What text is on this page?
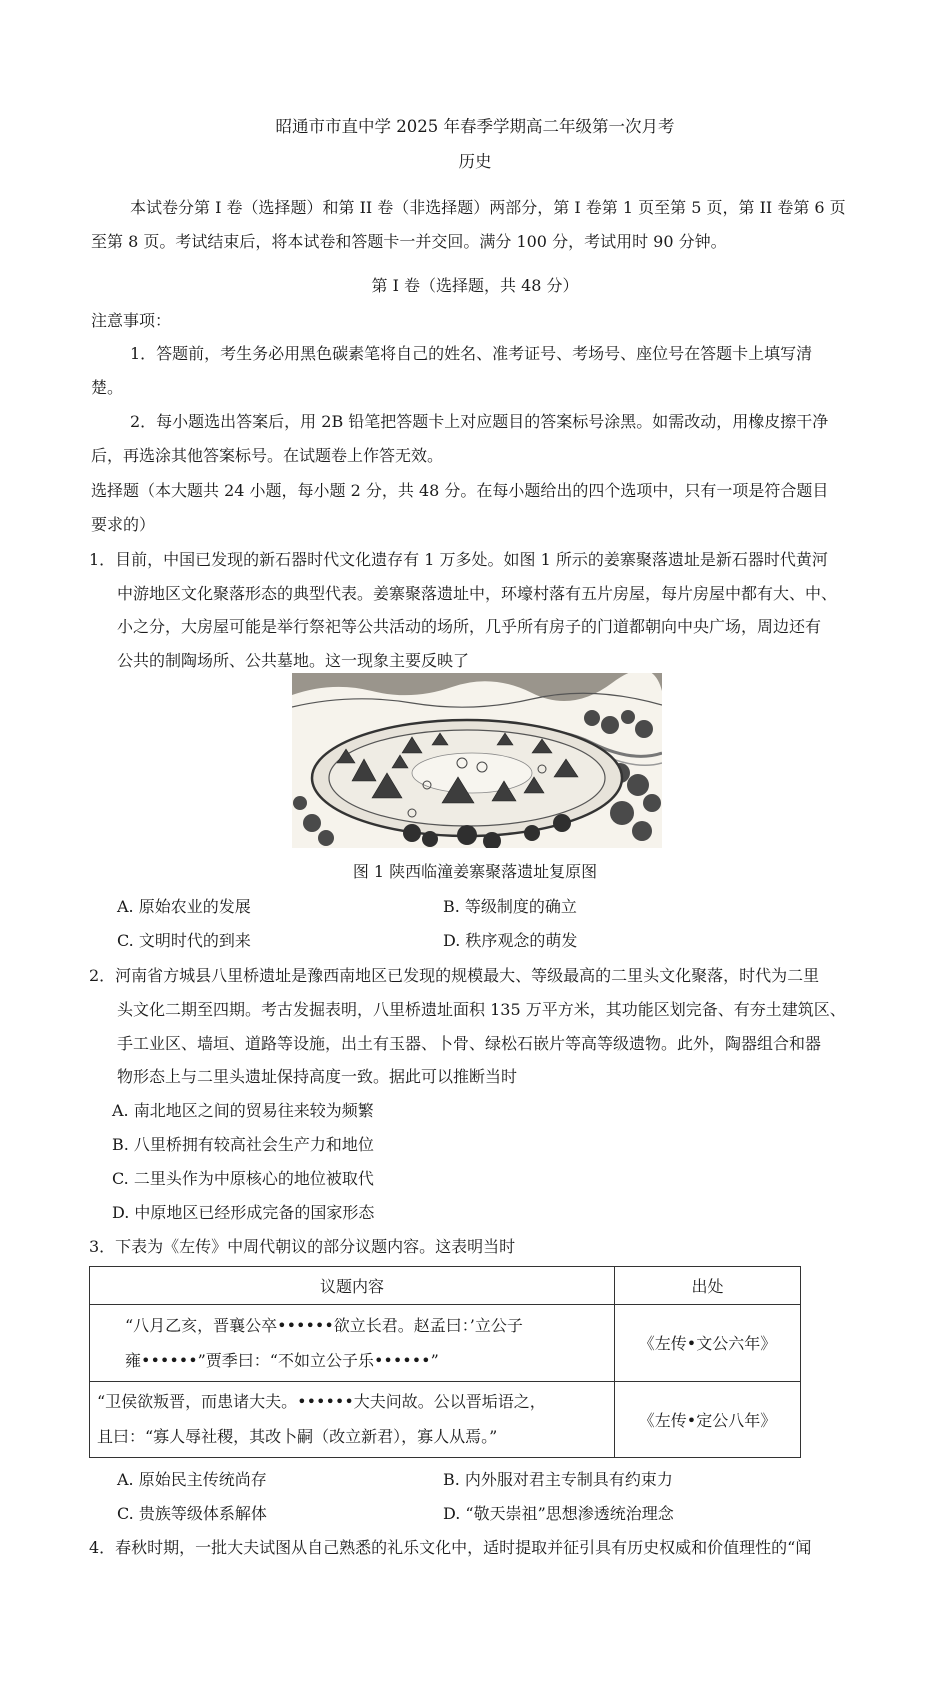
昭通市市直中学 2025 年春季学期高二年级第一次月考
历史
本试卷分第 I 卷（选择题）和第 II 卷（非选择题）两部分，第 I 卷第 1 页至第 5 页，第 II 卷第 6 页
至第 8 页。考试结束后，将本试卷和答题卡一并交回。满分 100 分，考试用时 90 分钟。
第 I 卷（选择题，共 48 分）
注意事项：
1．答题前，考生务必用黑色碳素笔将自己的姓名、准考证号、考场号、座位号在答题卡上填写清
楚。
2．每小题选出答案后，用 2B 铅笔把答题卡上对应题目的答案标号涂黑。如需改动，用橡皮擦干净
后，再选涂其他答案标号。在试题卷上作答无效。
选择题（本大题共 24 小题，每小题 2 分，共 48 分。在每小题给出的四个选项中，只有一项是符合题目
要求的）
1．目前，中国已发现的新石器时代文化遗存有 1 万多处。如图 1 所示的姜寨聚落遗址是新石器时代黄河
中游地区文化聚落形态的典型代表。姜寨聚落遗址中，环壕村落有五片房屋，每片房屋中都有大、中、
小之分，大房屋可能是举行祭祀等公共活动的场所，几乎所有房子的门道都朝向中央广场，周边还有
公共的制陶场所、公共墓地。这一现象主要反映了
图 1 陕西临潼姜寨聚落遗址复原图
A. 原始农业的发展	B. 等级制度的确立
C. 文明时代的到来	D. 秩序观念的萌发
2．河南省方城县八里桥遗址是豫西南地区已发现的规模最大、等级最高的二里头文化聚落，时代为二里
头文化二期至四期。考古发掘表明，八里桥遗址面积 135 万平方米，其功能区划完备、有夯土建筑区、
手工业区、墙垣、道路等设施，出土有玉器、卜骨、绿松石嵌片等高等级遗物。此外，陶器组合和器
物形态上与二里头遗址保持高度一致。据此可以推断当时
A. 南北地区之间的贸易往来较为频繁
B. 八里桥拥有较高社会生产力和地位
C. 二里头作为中原核心的地位被取代
D. 中原地区已经形成完备的国家形态
3．下表为《左传》中周代朝议的部分议题内容。这表明当时
议题内容	出处

“八月乙亥，晋襄公卒••••••欲立长君。赵孟曰：’立公子
雍••••••”贾季曰：“不如立公子乐••••••”	《左传•文公六年》

“卫侯欲叛晋，而患诸大夫。••••••大夫问故。公以晋垢语之，
且曰：“寡人辱社稷，其改卜嗣（改立新君），寡人从焉。”	《左传•定公八年》
A. 原始民主传统尚存	B. 内外服对君主专制具有约束力
C. 贵族等级体系解体	D. “敬天崇祖”思想渗透统治理念
4．春秋时期，一批大夫试图从自己熟悉的礼乐文化中，适时提取并征引具有历史权威和价值理性的“闻
